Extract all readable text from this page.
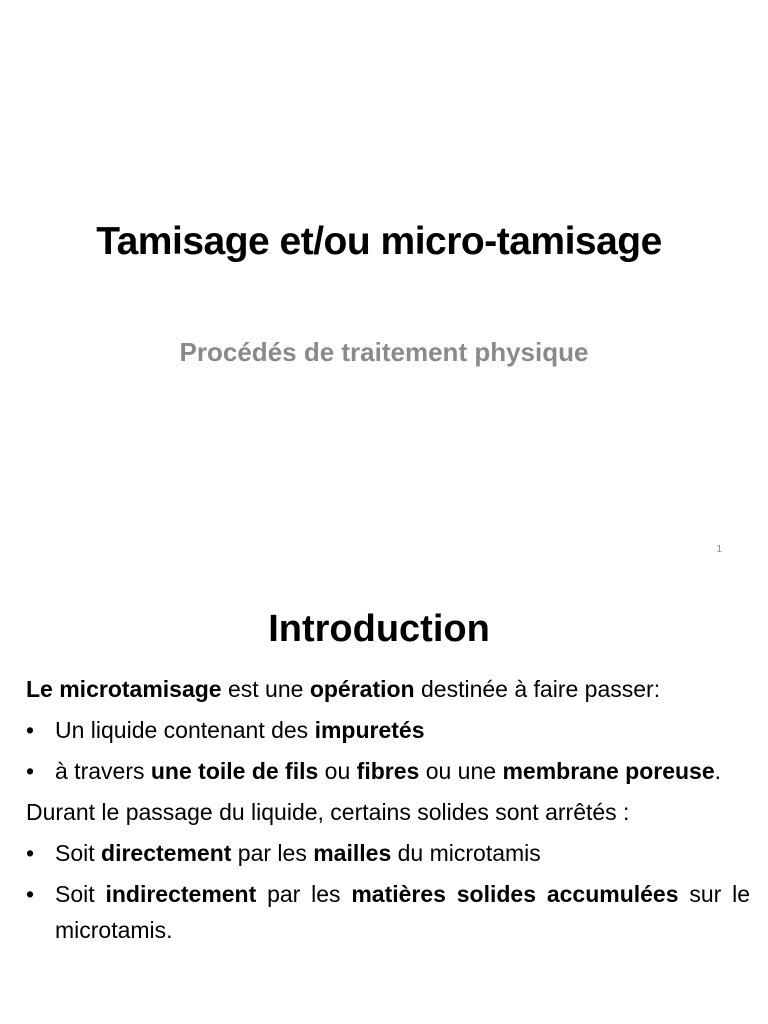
Tamisage et/ou micro-tamisage
Procédés de traitement physique
1
Introduction

Le microtamisage est une opération destinée à faire passer:

• Un liquide contenant des impuretés
• à travers une toile de fils ou fibres ou une membrane poreuse.

Durant le passage du liquide, certains solides sont arrêtés :

• Soit directement par les mailles du microtamis
• Soit indirectement par les matières solides accumulées sur le microtamis.
